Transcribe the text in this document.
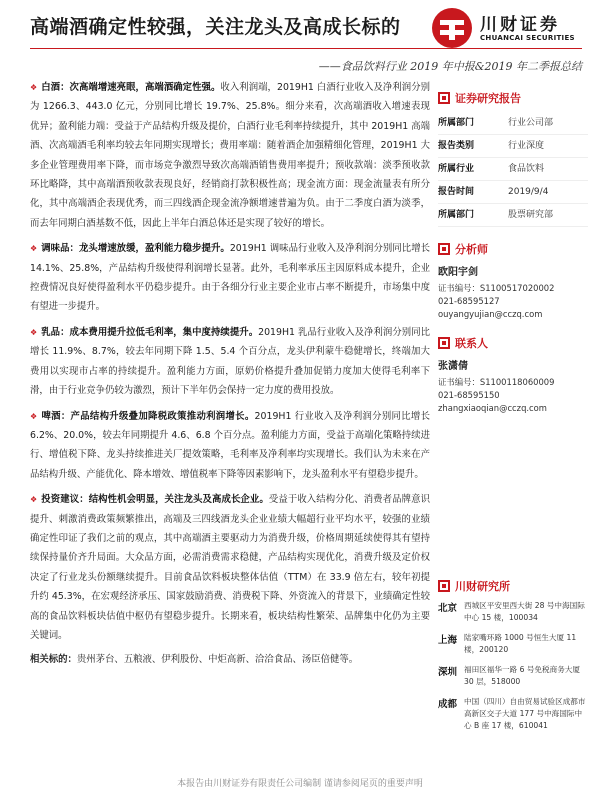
高端酒确定性较强，关注龙头及高成长标的	川财证券
CHUANCAI SECURITIES
——食品饮料行业 2019 年中报&2019 年二季报总结

❖ 白酒：次高端增速亮眼，高端酒确定性强。收入利润端，2019H1 白酒行业收入及净利润分别为 1266.3、443.0 亿元，分别同比增长 19.7%、25.8%。细分来看，次高端酒收入增速表现优异；盈利能力端：受益于产品结构升级及提价，白酒行业毛利率持续提升，其中 2019H1 高端酒、次高端酒毛利率均较去年同期实现增长；费用率端：随着酒企加强精细化管理，2019H1 大多企业管理费用率下降，而市场竞争激烈导致次高端酒销售费用率提升；预收款端：淡季预收款环比略降，其中高端酒预收款表现良好，经销商打款积极性高；现金流方面：现金流量表有所分化，其中高端酒企表现优秀，而三四线酒企现金流净额增速普遍为负。由于二季度白酒为淡季，而去年同期白酒基数不低，因此上半年白酒总体还是实现了较好的增长。

❖ 调味品：龙头增速放缓，盈利能力稳步提升。2019H1 调味品行业收入及净利润分别同比增长 14.1%、25.8%，产品结构升级使得利润增长显著。此外，毛利率承压主因原料成本提升，企业控费情况良好使得盈利水平仍稳步提升。由于各细分行业主要企业市占率不断提升，市场集中度有望进一步提升。

❖ 乳品：成本费用提升拉低毛利率，集中度持续提升。2019H1 乳品行业收入及净利润分别同比增长 11.9%、8.7%，较去年同期下降 1.5、5.4 个百分点，龙头伊利蒙牛稳健增长，终端加大费用以实现市占率的持续提升。盈利能力方面，原奶价格提升叠加促销力度加大使得毛利率下滑，由于行业竞争仍较为激烈，预计下半年仍会保持一定力度的费用投放。

❖ 啤酒：产品结构升级叠加降税政策推动利润增长。2019H1 行业收入及净利润分别同比增长 6.2%、20.0%，较去年同期提升 4.6、6.8 个百分点。盈利能力方面，受益于高端化策略持续进行、增值税下降、龙头持续推进关厂提效策略，毛利率及净利率均实现增长。我们认为未来在产品结构升级、产能优化、降本增效、增值税率下降等因素影响下，龙头盈利水平有望稳步提升。

❖ 投资建议：结构性机会明显，关注龙头及高成长企业。受益于收入结构分化、消费者品牌意识提升、刺激消费政策频繁推出，高端及三四线酒龙头企业业绩大幅超行业平均水平，较强的业绩确定性印证了我们之前的观点，其中高端酒主要驱动力为消费升级，价格周期延续使得其有望持续保持量价齐升局面。大众品方面，必需消费需求稳健，产品结构实现优化，消费升级及定价权决定了行业龙头份额继续提升。目前食品饮料板块整体估值（TTM）在 33.9 倍左右，较年初提升约 45.3%，在宏观经济承压、国家鼓励消费、消费税下降、外资流入的背景下，业绩确定性较高的食品饮料板块估值中枢仍有望稳步提升。长期来看，板块结构性繁荣、品牌集中化仍为主要关键词。

相关标的：贵州茅台、五粮液、伊利股份、中炬高新、洽洽食品、汤臣倍健等。

证券研究报告
所属部门	行业公司部
报告类别	行业深度
所属行业	食品饮料
报告时间	2019/9/4
所属部门	股票研究部
分析师
欧阳宇剑
证书编号：S1100517020002
021-68595127
ouyangyujian@cczq.com
联系人
张潇倩
证书编号：S1100118060009
021-68595150
zhangxiaoqian@cczq.com
川财研究所
北京 西城区平安里西大街 28 号中海国际中心 15 楼，100034
上海 陆家嘴环路 1000 号恒生大厦 11 楼，200120
深圳 福田区福华一路 6 号免税商务大厦 30 层，518000
成都 中国（四川）自由贸易试验区成都市高新区交子大道 177 号中海国际中心 B 座 17 楼，610041
本报告由川财证券有限责任公司编制 谨请参阅尾页的重要声明
